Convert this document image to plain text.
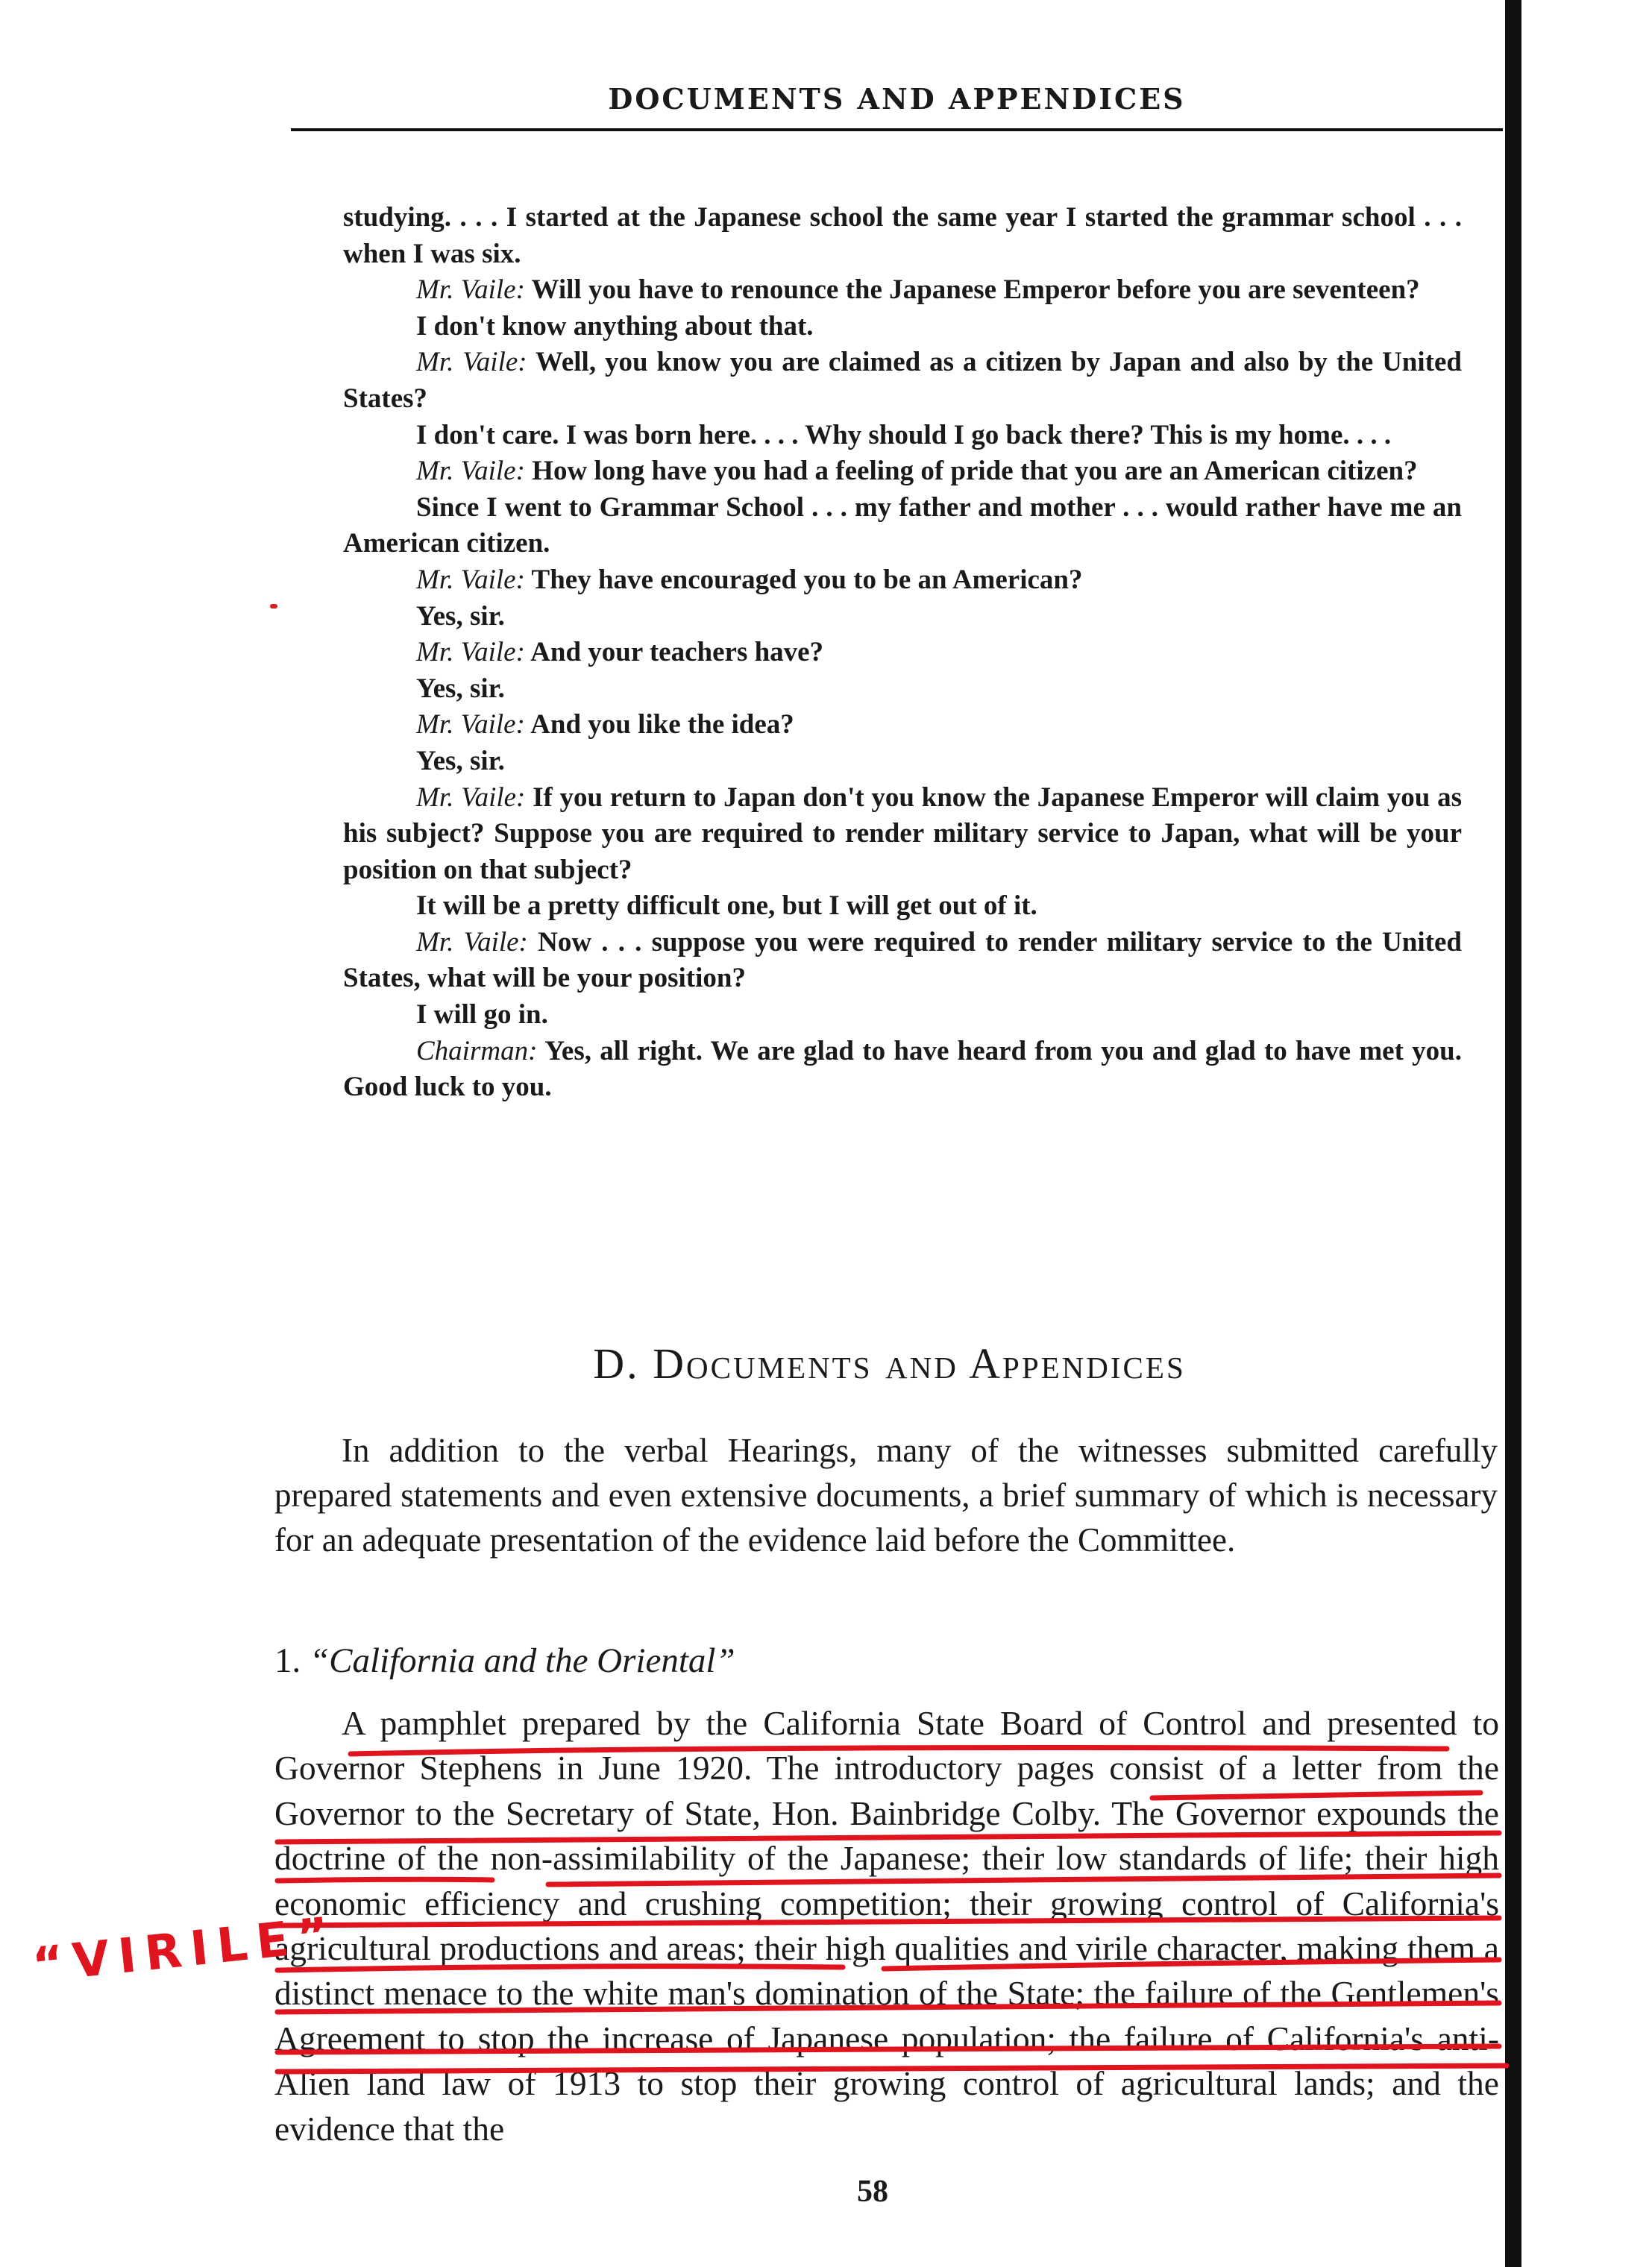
DOCUMENTS AND APPENDICES

studying. . . . I started at the Japanese school the same year I started the grammar school . . . when I was six.

Mr. Vaile: Will you have to renounce the Japanese Emperor before you are seventeen?

I don't know anything about that.

Mr. Vaile: Well, you know you are claimed as a citizen by Japan and also by the United States?

I don't care. I was born here. . . . Why should I go back there? This is my home. . . .

Mr. Vaile: How long have you had a feeling of pride that you are an American citizen?

Since I went to Grammar School . . . my father and mother . . . would rather have me an American citizen.

Mr. Vaile: They have encouraged you to be an American?

Yes, sir.

Mr. Vaile: And your teachers have?

Yes, sir.

Mr. Vaile: And you like the idea?

Yes, sir.

Mr. Vaile: If you return to Japan don't you know the Japanese Emperor will claim you as his subject? Suppose you are required to render military service to Japan, what will be your position on that subject?

It will be a pretty difficult one, but I will get out of it.

Mr. Vaile: Now . . . suppose you were required to render military service to the United States, what will be your position?

I will go in.

Chairman: Yes, all right. We are glad to have heard from you and glad to have met you. Good luck to you.

D. Documents and Appendices

In addition to the verbal Hearings, many of the witnesses submitted carefully prepared statements and even extensive documents, a brief summary of which is necessary for an adequate presentation of the evidence laid before the Committee.

1. “California and the Oriental”

A pamphlet prepared by the California State Board of Control and presented to Governor Stephens in June 1920. The introductory pages consist of a letter from the Governor to the Secretary of State, Hon. Bainbridge Colby. The Governor expounds the doctrine of the non-assimilability of the Japanese; their low standards of life; their high economic efficiency and crushing competition; their growing control of California's agricultural productions and areas; their high qualities and virile character, making them a distinct menace to the white man's domination of the State; the failure of the Gentlemen's Agreement to stop the increase of Japanese population; the failure of California's anti-Alien land law of 1913 to stop their growing control of agricultural lands; and the evidence that the

“VIRILE”
58
